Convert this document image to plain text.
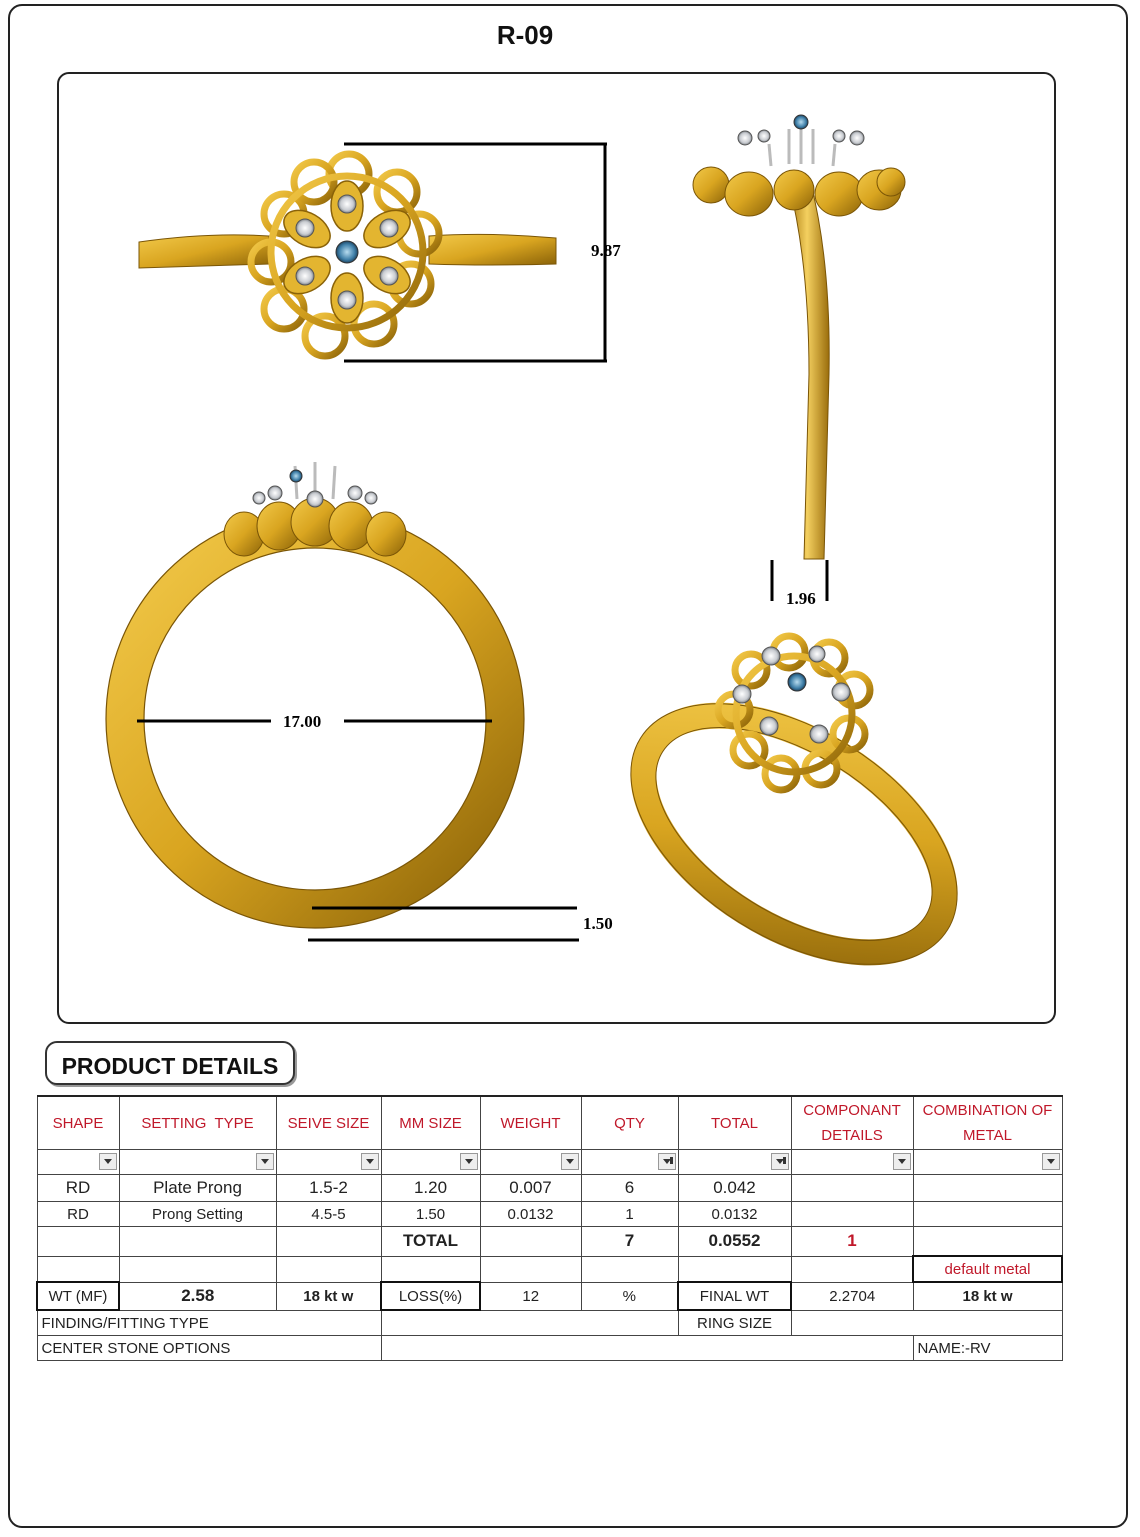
R-09
9.87
1.96
17.00
1.50
PRODUCT DETAILS
SHAPE	SETTING  TYPE	SEIVE SIZE	MM SIZE	WEIGHT	QTY	TOTAL	COMPONANT DETAILS	COMBINATION OF METAL

RD	Plate Prong	1.5-2	1.20	0.007	6	0.042		
RD	Prong Setting	4.5-5	1.50	0.0132	1	0.0132		
			TOTAL		7	0.0552	1	
								default metal
WT (MF)	2.58	18 kt w	LOSS(%)	12	%	FINAL WT	2.2704	18 kt w
FINDING/FITTING TYPE						RING SIZE		
CENTER STONE OPTIONS								NAME:-RV
